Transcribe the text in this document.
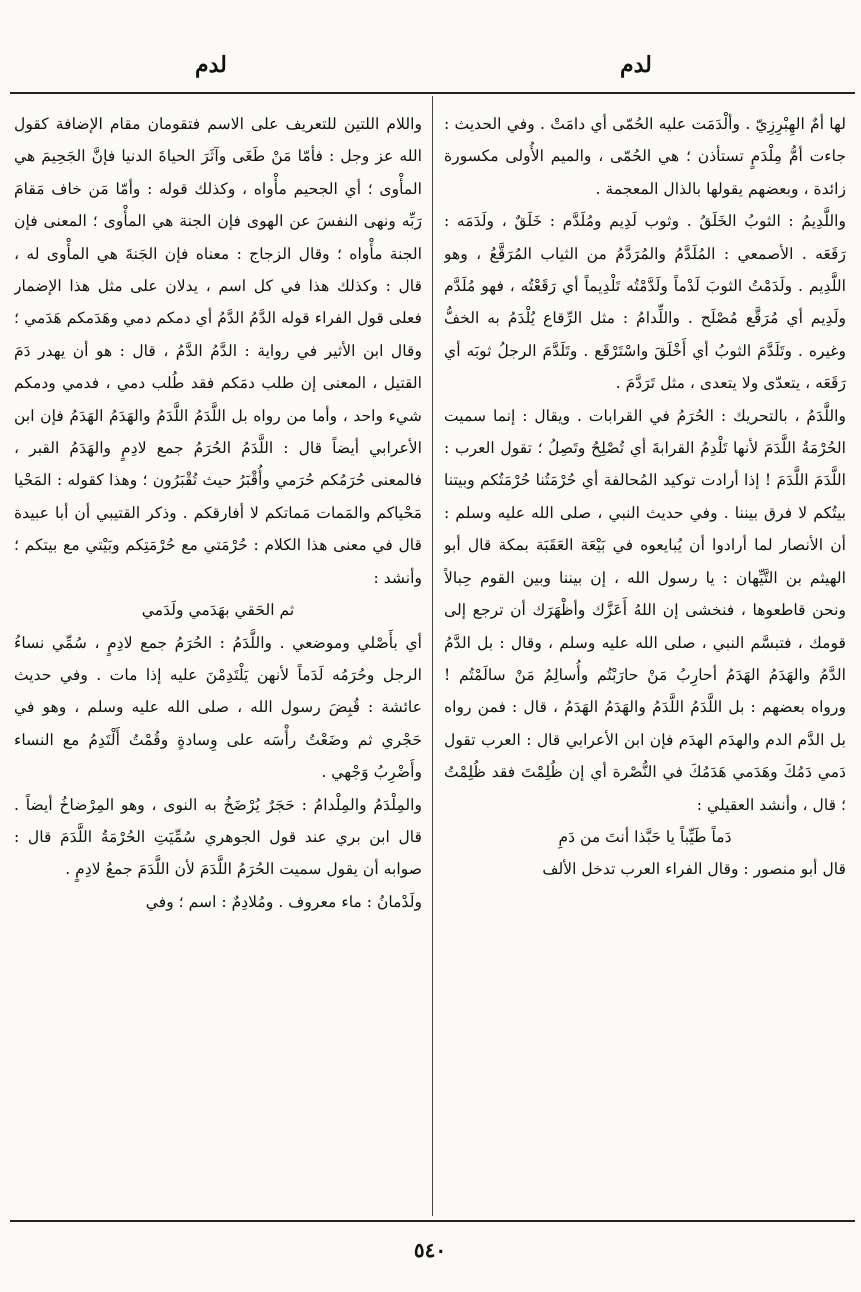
لدم
لدم

لها أمٌ الهِبْرِزِيّ . وألْدَمَت عليه الحُمّى أي دامَتْ . وفي الحديث : جاءت أمُّ مِلْدَمٍ تستأذن ؛ هي الحُمّى ، والميم الأُولى مكسورة زائدة ، وبعضهم يقولها بالذال المعجمة .

واللَّدِيمُ : الثوبُ الخَلَقُ . وثوب لَدِيم ومُلَدَّم : خَلَقٌ ، ولَدَمَه : رَقَعَه . الأصمعي : المُلَدَّمُ والمُرَدَّمُ من الثياب المُرَقَّعُ ، وهو اللَّدِيم . ولَدَمْتُ الثوبَ لَدْماً ولَدَّمْتُه تَلْدِيماً أي رَقَعْتُه ، فهو مُلَدَّم ولَدِيم أي مُرَقَّع مُصْلَح . واللِّدامُ : مثل الرِّقاع يُلْدَمُ به الخفُّ وغيره . وتَلَدَّمَ الثوبُ أي أَخْلَقَ واسْتَرْقَع . وتَلَدَّمَ الرجلُ ثوبَه أي رَقَعَه ، يتعدّى ولا يتعدى ، مثل تَرَدَّمَ .

واللَّدَمُ ، بالتحريك : الحُرَمُ في القرابات . ويقال : إنما سميت الحُرْمَةُ اللَّدَمَ لأنها تَلْدِمُ القرابةَ أي تُصْلِحُ وتَصِلُ ؛ تقول العرب : اللَّدَمَ اللَّدَمَ ! إذا أرادت توكيد المُحالفة أي حُرْمَتُنا حُرْمَتُكم وبيتنا بيتُكم لا فرق بيننا . وفي حديث النبي ، صلى الله عليه وسلم : أن الأنصار لما أرادوا أن يُبايعوه في بَيْعَة العَقَبَة بمكة قال أبو الهيثم بن التَّيِّهان : يا رسول الله ، إن بيننا وبين القوم حِبالاً ونحن قاطعوها ، فنخشى إن اللهُ أَعَزَّك وأظْهَرَك أن ترجع إلى قومك ، فتبسَّم النبي ، صلى الله عليه وسلم ، وقال : بل الدَّمُ الدَّمُ والهَدَمُ الهَدَمُ أحارِبُ مَنْ حارَبْتُم وأُسالِمُ مَنْ سالَمْتُم ! ورواه بعضهم : بل اللَّدَمُ اللَّدَمُ والهَدَمُ الهَدَمُ ، قال : فمن رواه بل الدَّم الدم والهدَم الهدَم فإن ابن الأعرابي قال : العرب تقول دَمي دَمُكَ وهَدَمي هَدَمُكَ في النُّصْرة أي إن ظُلِمْتَ فقد ظُلِمْتُ ؛ قال ، وأنشد العقيلي :

دَماً طَيِّباً يا حَبَّذا أنتَ من دَمِ

قال أبو منصور : وقال الفراء العرب تدخل الألف

واللام اللتين للتعريف على الاسم فتقومان مقام الإضافة كقول الله عز وجل : فأمّا مَنْ طَغَى وآثَرَ الحياةَ الدنيا فإنَّ الجَحِيمَ هي المأْوى ؛ أي الجحيم مأْواه ، وكذلك قوله : وأمّا مَن خاف مَقامَ رَبِّه ونهى النفسَ عن الهوى فإن الجنة هي المأْوى ؛ المعنى فإن الجنة مأْواه ؛ وقال الزجاج : معناه فإن الجَنةَ هي المأْوى له ، قال : وكذلك هذا في كل اسم ، يدلان على مثل هذا الإضمار فعلى قول الفراء قوله الدَّمُ الدَّمُ أي دمكم دمي وهَدَمكم هَدَمي ؛ وقال ابن الأثير في رواية : الدَّمُ الدَّمُ ، قال : هو أن يهدر دَمَ القتيل ، المعنى إن طلب دمَكم فقد طُلب دمي ، فدمي ودمكم شيء واحد ، وأما من رواه بل اللَّدَمُ اللَّدَمُ والهَدَمُ الهَدَمُ فإن ابن الأعرابي أيضاً قال : اللَّدَمُ الحُرَمُ جمع لادِمٍ والهَدَمُ القبر ، فالمعنى حُرَمُكم حُرَمي وأُقْبَرُ حيث تُقْبَرُون ؛ وهذا كقوله : المَحْيا مَحْياكم والمَمات مَماتكم لا أفارقكم . وذكر القتيبي أن أبا عبيدة قال في معنى هذا الكلام : حُرْمَتي مع حُرْمَتِكم وبَيْتي مع بيتكم ؛ وأنشد :

ثم الحَقي بهَدَمي ولَدَمي

أي بأَصْلي وموضعي . واللَّدَمُ : الحُرَمُ جمع لادِمٍ ، سُمِّي نساءُ الرجل وحُرَمُه لَدَماً لأنهن يَلْتَدِمْنَ عليه إذا مات . وفي حديث عائشة : قُبِضَ رسول الله ، صلى الله عليه وسلم ، وهو في حَجْري ثم وضَعْتُ رأْسَه على وِسادةٍ وقُمْتُ أَلْتَدِمُ مع النساء وأَضْرِبُ وَجْهي .

والمِلْدَمُ والمِلْدامُ : حَجَرٌ يُرْضَخُ به النوى ، وهو المِرْضاخُ أيضاً . قال ابن بري عند قول الجوهري سُمِّيَتِ الحُرْمَةُ اللَّدَمَ قال : صوابه أن يقول سميت الحُرَمُ اللَّدَمَ لأن اللَّدَمَ جمعُ لادِمٍ .

ولَدْمانُ : ماء معروف . ومُلادِمٌ : اسم ؛ وفي

٥٤٠
